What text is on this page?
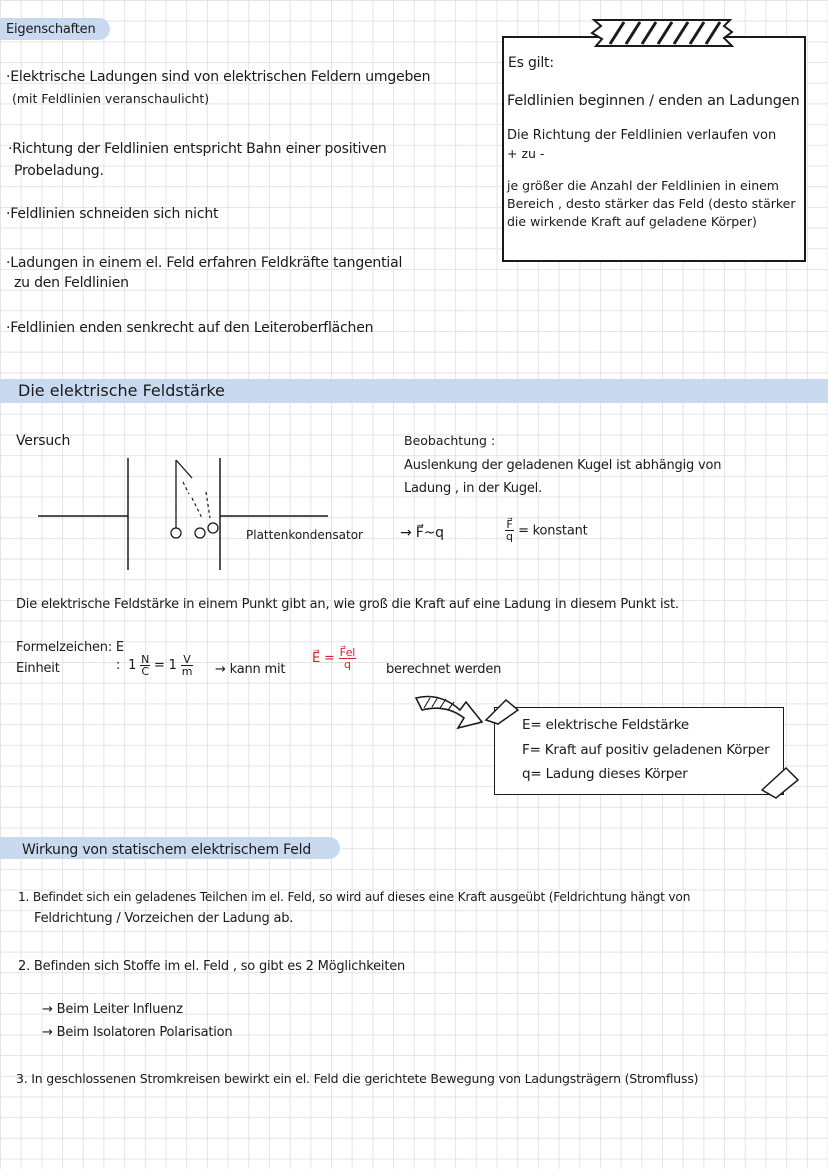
Eigenschaften
·Elektrische Ladungen sind von elektrischen Feldern umgeben
(mit Feldlinien veranschaulicht)
·Richtung der Feldlinien entspricht Bahn einer positiven
Probeladung.
·Feldlinien schneiden sich nicht
·Ladungen in einem el. Feld erfahren Feldkräfte tangential
zu den Feldlinien
·Feldlinien enden senkrecht auf den Leiteroberflächen
Es gilt:
Feldlinien beginnen / enden an Ladungen
Die Richtung der Feldlinien verlaufen von
+ zu -
je größer die Anzahl der Feldlinien in einem
Bereich , desto stärker das Feld (desto stärker
die wirkende Kraft auf geladene Körper)
Die elektrische Feldstärke
Versuch
Plattenkondensator
Beobachtung :
Auslenkung der geladenen Kugel ist abhängig von
Ladung , in der Kugel.
→ F⃗~q	$\frac{F⃗}{q}$ = konstant
Die elektrische Feldstärke in einem Punkt gibt an, wie groß die Kraft auf eine Ladung in diesem Punkt ist.
Formelzeichen: E
Einheit	: $1 \frac{N}{C} = 1 \frac{V}{m}$ → kann mit
E⃗ = $\frac{F⃗el}{q}$ berechnet werden
E= elektrische Feldstärke
F= Kraft auf positiv geladenen Körper
q= Ladung dieses Körper
Wirkung von statischem elektrischem Feld
1. Befindet sich ein geladenes Teilchen im el. Feld, so wird auf dieses eine Kraft ausgeübt (Feldrichtung hängt von
Feldrichtung / Vorzeichen der Ladung ab.
2. Befinden sich Stoffe im el. Feld , so gibt es 2 Möglichkeiten
→ Beim Leiter Influenz
→ Beim Isolatoren Polarisation
3. In geschlossenen Stromkreisen bewirkt ein el. Feld die gerichtete Bewegung von Ladungsträgern (Stromfluss)
